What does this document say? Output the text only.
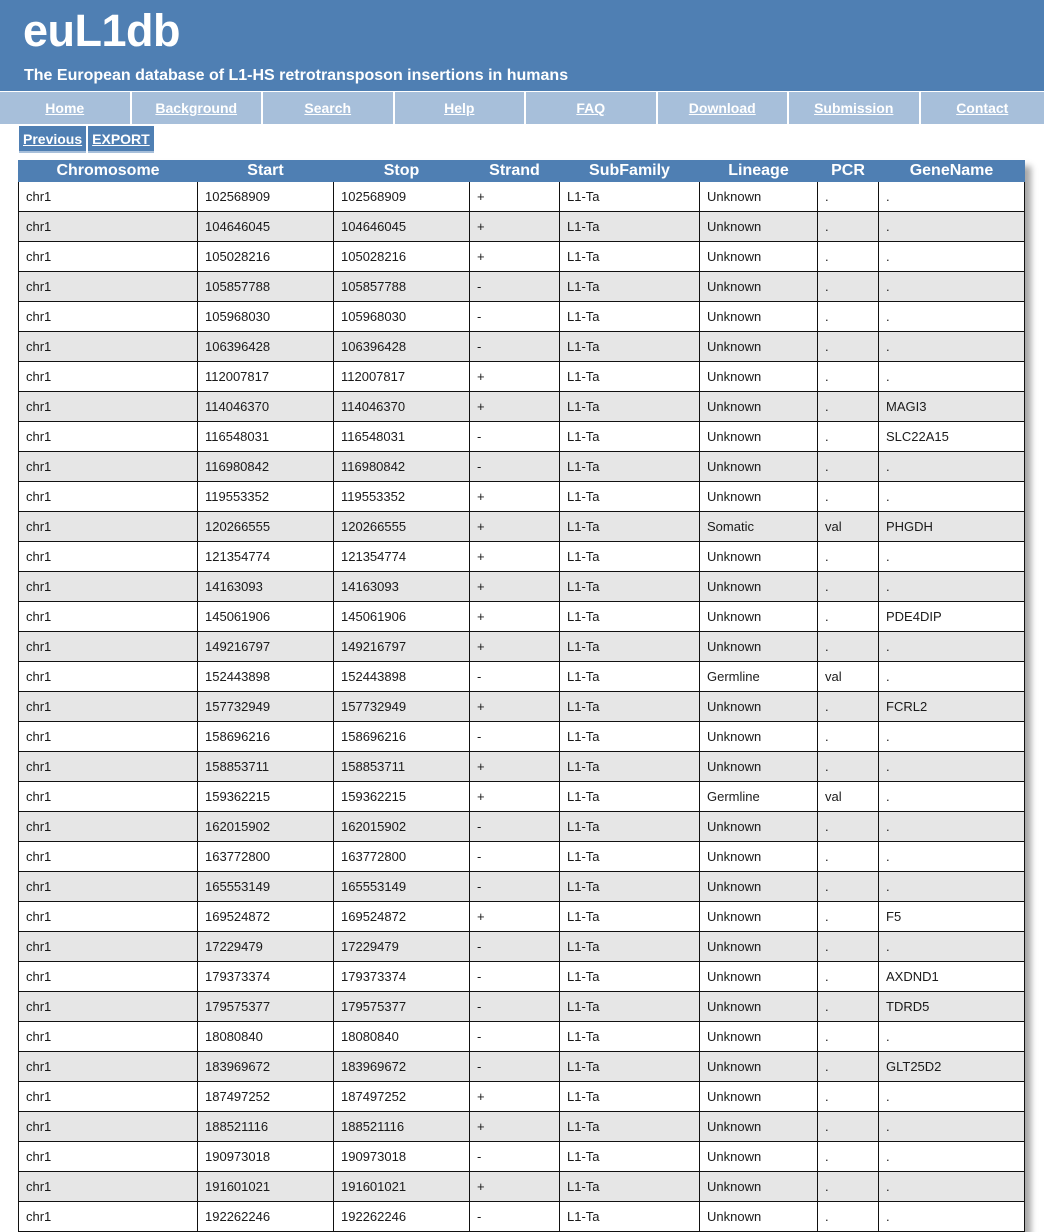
euL1db
The European database of L1-HS retrotransposon insertions in humans
Home	Background	Search	Help	FAQ	Download	Submission	Contact
Previous EXPORT
Chromosome	Start	Stop	Strand	SubFamily	Lineage	PCR	GeneName
chr1	102568909	102568909	+	L1-Ta	Unknown	.	.
chr1	104646045	104646045	+	L1-Ta	Unknown	.	.
chr1	105028216	105028216	+	L1-Ta	Unknown	.	.
chr1	105857788	105857788	-	L1-Ta	Unknown	.	.
chr1	105968030	105968030	-	L1-Ta	Unknown	.	.
chr1	106396428	106396428	-	L1-Ta	Unknown	.	.
chr1	112007817	112007817	+	L1-Ta	Unknown	.	.
chr1	114046370	114046370	+	L1-Ta	Unknown	.	MAGI3
chr1	116548031	116548031	-	L1-Ta	Unknown	.	SLC22A15
chr1	116980842	116980842	-	L1-Ta	Unknown	.	.
chr1	119553352	119553352	+	L1-Ta	Unknown	.	.
chr1	120266555	120266555	+	L1-Ta	Somatic	val	PHGDH
chr1	121354774	121354774	+	L1-Ta	Unknown	.	.
chr1	14163093	14163093	+	L1-Ta	Unknown	.	.
chr1	145061906	145061906	+	L1-Ta	Unknown	.	PDE4DIP
chr1	149216797	149216797	+	L1-Ta	Unknown	.	.
chr1	152443898	152443898	-	L1-Ta	Germline	val	.
chr1	157732949	157732949	+	L1-Ta	Unknown	.	FCRL2
chr1	158696216	158696216	-	L1-Ta	Unknown	.	.
chr1	158853711	158853711	+	L1-Ta	Unknown	.	.
chr1	159362215	159362215	+	L1-Ta	Germline	val	.
chr1	162015902	162015902	-	L1-Ta	Unknown	.	.
chr1	163772800	163772800	-	L1-Ta	Unknown	.	.
chr1	165553149	165553149	-	L1-Ta	Unknown	.	.
chr1	169524872	169524872	+	L1-Ta	Unknown	.	F5
chr1	17229479	17229479	-	L1-Ta	Unknown	.	.
chr1	179373374	179373374	-	L1-Ta	Unknown	.	AXDND1
chr1	179575377	179575377	-	L1-Ta	Unknown	.	TDRD5
chr1	18080840	18080840	-	L1-Ta	Unknown	.	.
chr1	183969672	183969672	-	L1-Ta	Unknown	.	GLT25D2
chr1	187497252	187497252	+	L1-Ta	Unknown	.	.
chr1	188521116	188521116	+	L1-Ta	Unknown	.	.
chr1	190973018	190973018	-	L1-Ta	Unknown	.	.
chr1	191601021	191601021	+	L1-Ta	Unknown	.	.
chr1	192262246	192262246	-	L1-Ta	Unknown	.	.
